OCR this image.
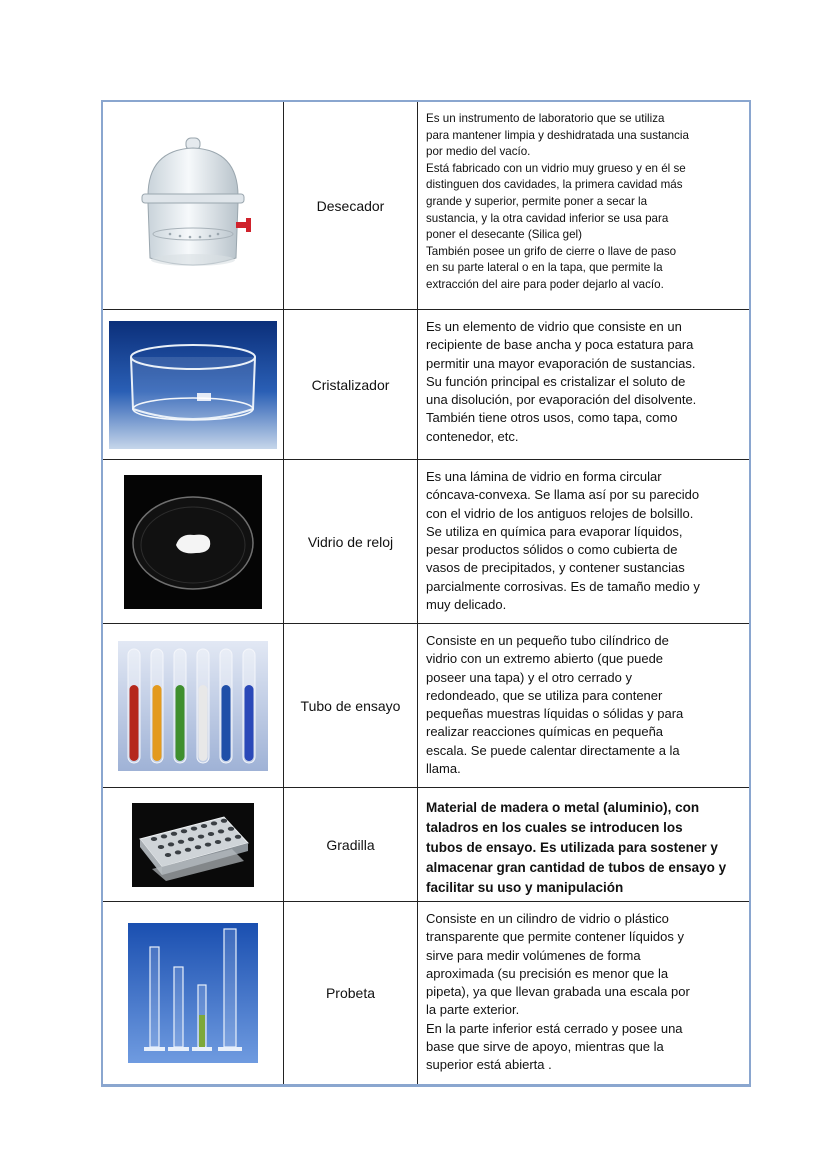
Desecador
Es un instrumento de laboratorio que se utiliza
para mantener limpia y deshidratada una sustancia
por medio del vacío.
Está fabricado con un vidrio muy grueso y en él se
distinguen dos cavidades, la primera cavidad más
grande y superior, permite poner a secar la
sustancia, y la otra cavidad inferior se usa para
poner el desecante (Silica gel)
También posee un grifo de cierre o llave de paso
en su parte lateral o en la tapa, que permite la
extracción del aire para poder dejarlo al vacío.
Cristalizador
Es un elemento de vidrio que consiste en un
recipiente de base ancha y poca estatura para
permitir una mayor evaporación de sustancias.
Su función principal es cristalizar el soluto de
una disolución, por evaporación del disolvente.
También tiene otros usos, como tapa, como
contenedor, etc.
Vidrio de reloj
Es una lámina de vidrio en forma circular
cóncava-convexa. Se llama así por su parecido
con el vidrio de los antiguos relojes de bolsillo.
Se utiliza en química para evaporar líquidos,
pesar productos sólidos o como cubierta de
vasos de precipitados, y contener sustancias
parcialmente corrosivas. Es de tamaño medio y
muy delicado.
Tubo de ensayo
Consiste en un pequeño tubo cilíndrico de
vidrio con un extremo abierto (que puede
poseer una tapa) y el otro cerrado y
redondeado, que se utiliza para contener
pequeñas muestras líquidas o sólidas y para
realizar reacciones químicas en pequeña
escala. Se puede calentar directamente a la
llama.
Gradilla
Material de madera o metal (aluminio), con
taladros en los cuales se introducen los
tubos de ensayo. Es utilizada para sostener y
almacenar gran cantidad de tubos de ensayo y
facilitar su uso y manipulación
Probeta
Consiste en un cilindro de vidrio o plástico
transparente que permite contener líquidos y
sirve para medir volúmenes de forma
aproximada (su precisión es menor que la
pipeta), ya que llevan grabada una escala por
la parte exterior.
En la parte inferior está cerrado y posee una
base que sirve de apoyo, mientras que la
superior está abierta .
